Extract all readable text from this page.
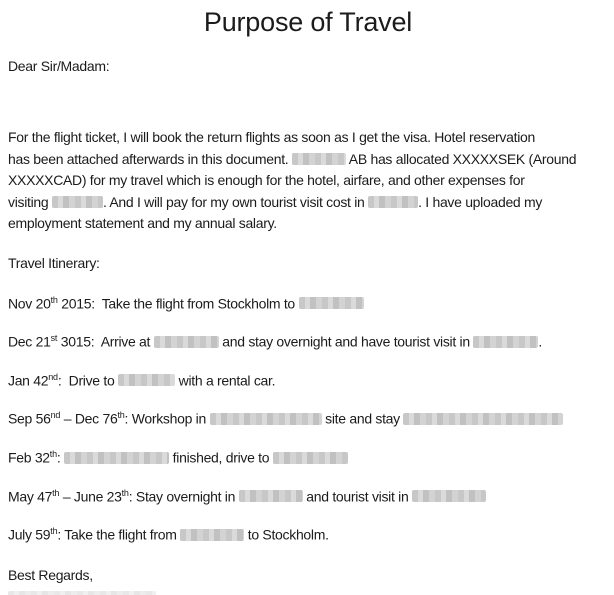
Purpose of Travel
Dear Sir/Madam:
For the flight ticket, I will book the return flights as soon as I get the visa. Hotel reservation
has been attached afterwards in this document.	AB has allocated XXXXXSEK (Around
XXXXXCAD) for my travel which is enough for the hotel, airfare, and other expenses for
visiting	. And I will pay for my own tourist visit cost in	. I have uploaded my
employment statement and my annual salary.
Travel Itinerary:
Nov 20th 2015:  Take the flight from Stockholm to
Dec 21st 3015:  Arrive at	and stay overnight and have tourist visit in	.
Jan 42nd:  Drive to	with a rental car.
Sep 56nd – Dec 76th: Workshop in	site and stay
Feb 32th:	finished, drive to
May 47th – June 23th: Stay overnight in	and tourist visit in
July 59th: Take the flight from	to Stockholm.
Best Regards,
